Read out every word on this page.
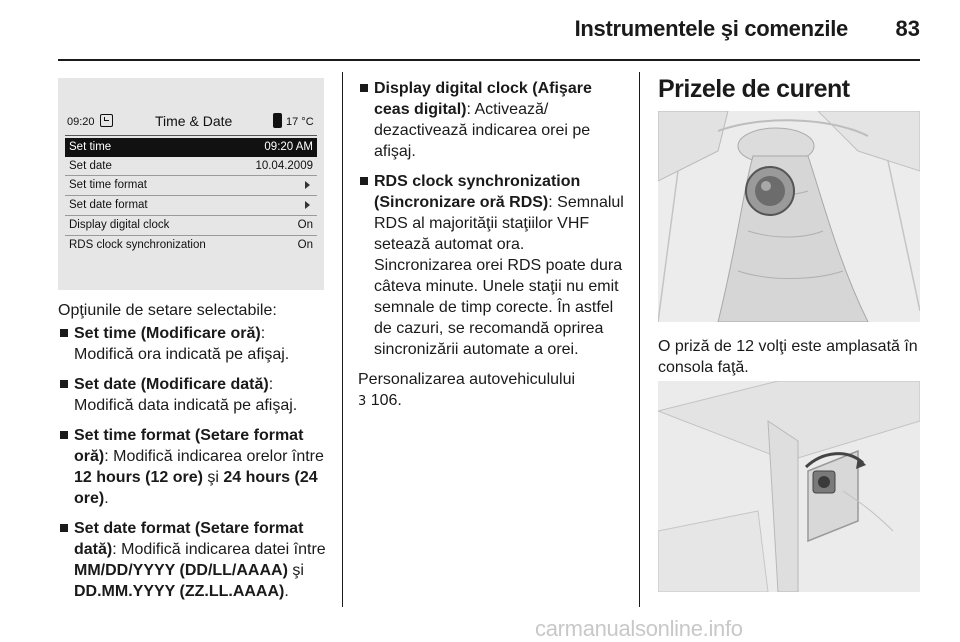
Instrumentele şi comenzile 83
09:20	Time & Date	17 °C
Set time	09:20 AM
Set date	10.04.2009
Set time format
Set date format
Display digital clock	On
RDS clock synchronization	On

Opţiunile de setare selectabile:

Set time (Modificare oră): Modifică ora indicată pe afişaj.
Set date (Modificare dată): Modifică data indicată pe afişaj.
Set time format (Setare format oră): Modifică indicarea orelor între 12 hours (12 ore) şi 24 hours (24 ore).
Set date format (Setare format dată): Modifică indicarea datei între MM/DD/YYYY (DD/LL/AAAA) şi DD.MM.YYYY (ZZ.LL.AAAA).
Display digital clock (Afişare ceas digital): Activează/ dezactivează indicarea orei pe afişaj.
RDS clock synchronization (Sincronizare oră RDS): Semnalul RDS al majorităţii staţiilor VHF setează automat ora.
Sincronizarea orei RDS poate dura câteva minute. Unele staţii nu emit semnale de timp corecte. În astfel de cazuri, se recomandă oprirea sincronizării automate a orei.

Personalizarea autovehiculului
3 106.

Prizele de curent
O priză de 12 volţi este amplasată în consola faţă.
carmanualsonline.info
